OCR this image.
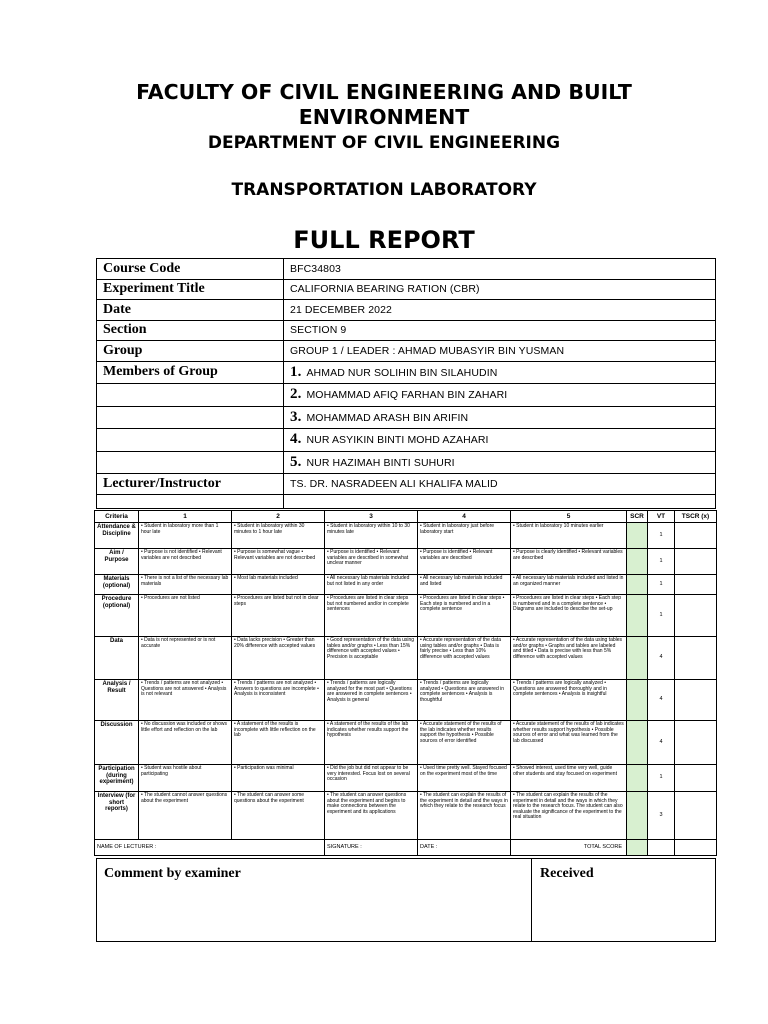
FACULTY OF CIVIL ENGINEERING AND BUILT ENVIRONMENT
DEPARTMENT OF CIVIL ENGINEERING
TRANSPORTATION LABORATORY
FULL REPORT
Course Code	BFC34803
Experiment Title	CALIFORNIA BEARING RATION (CBR)
Date	21 DECEMBER 2022
Section	SECTION 9
Group	GROUP 1 / LEADER : AHMAD MUBASYIR BIN YUSMAN
Members of Group	1. AHMAD NUR SOLIHIN BIN SILAHUDIN
	2. MOHAMMAD AFIQ FARHAN BIN ZAHARI
	3. MOHAMMAD ARASH BIN ARIFIN
	4. NUR ASYIKIN BINTI MOHD AZAHARI
	5. NUR HAZIMAH BINTI SUHURI
Lecturer/Instructor	TS. DR. NASRADEEN ALI KHALIFA MALID

Criteria	1	2	3	4	5	SCR	VT	TSCR (x)
Attendance & Discipline	• Student in laboratory more than 1 hour late	• Student in laboratory within 30 minutes to 1 hour late	• Student in laboratory within 10 to 30 minutes late	• Student in laboratory just before laboratory start	• Student in laboratory 10 minutes earlier		1	
Aim / Purpose	• Purpose is not identified • Relevant variables are not described	• Purpose is somewhat vague • Relevant variables are not described	• Purpose is identified • Relevant variables are described in somewhat unclear manner	• Purpose is identified • Relevant variables are described	• Purpose is clearly identified • Relevant variables are described		1	
Materials (optional)	• There is not a list of the necessary lab materials	• Most lab materials included	• All necessary lab materials included but not listed in any order	• All necessary lab materials included and listed	• All necessary lab materials included and listed in an organized manner		1	
Procedure (optional)	• Procedures are not listed	• Procedures are listed but not in clear steps	• Procedures are listed in clear steps but not numbered and/or in complete sentences	• Procedures are listed in clear steps • Each step is numbered and in a complete sentence	• Procedures are listed in clear steps • Each step is numbered and in a complete sentence • Diagrams are included to describe the set-up		1	
Data	• Data is not represented or is not accurate	• Data lacks precision • Greater than 20% difference with accepted values	• Good representation of the data using tables and/or graphs • Less than 15% difference with accepted values • Precision is acceptable	• Accurate representation of the data using tables and/or graphs • Data is fairly precise • Less than 10% difference with accepted values	• Accurate representation of the data using tables and/or graphs • Graphs and tables are labeled and titled • Data is precise with less than 5% difference with accepted values		4	
Analysis / Result	• Trends / patterns are not analyzed • Questions are not answered • Analysis is not relevant	• Trends / patterns are not analyzed • Answers to questions are incomplete • Analysis is inconsistent	• Trends / patterns are logically analyzed for the most part • Questions are answered in complete sentences • Analysis is general	• Trends / patterns are logically analyzed • Questions are answered in complete sentences • Analysis is thoughtful	• Trends / patterns are logically analyzed • Questions are answered thoroughly and in complete sentences • Analysis is insightful		4	
Discussion	• No discussion was included or shows little effort and reflection on the lab	• A statement of the results is incomplete with little reflection on the lab	• A statement of the results of the lab indicates whether results support the hypothesis	• Accurate statement of the results of the lab indicates whether results support the hypothesis • Possible sources of error identified	• Accurate statement of the results of lab indicates whether results support hypothesis • Possible sources of error and what was learned from the lab discussed		4	
Participation (during experiment)	• Student was hostile about participating	• Participation was minimal	• Did the job but did not appear to be very interested. Focus lost on several occasion	• Used time pretty well. Stayed focused on the experiment most of the time	• Showed interest, used time very well, guide other students and stay focused on experiment		1	
Interview (for short reports)	• The student cannot answer questions about the experiment	• The student can answer some questions about the experiment	• The student can answer questions about the experiment and begins to make connections between the experiment and its applications	• The student can explain the results of the experiment in detail and the ways in which they relate to the research focus	• The student can explain the results of the experiment in detail and the ways in which they relate to the research focus. The student can also evaluate the significance of the experiment to the real situation		3	
NAME OF LECTURER :			SIGNATURE :	DATE :	TOTAL SCORE			
Comment by examiner	Received
